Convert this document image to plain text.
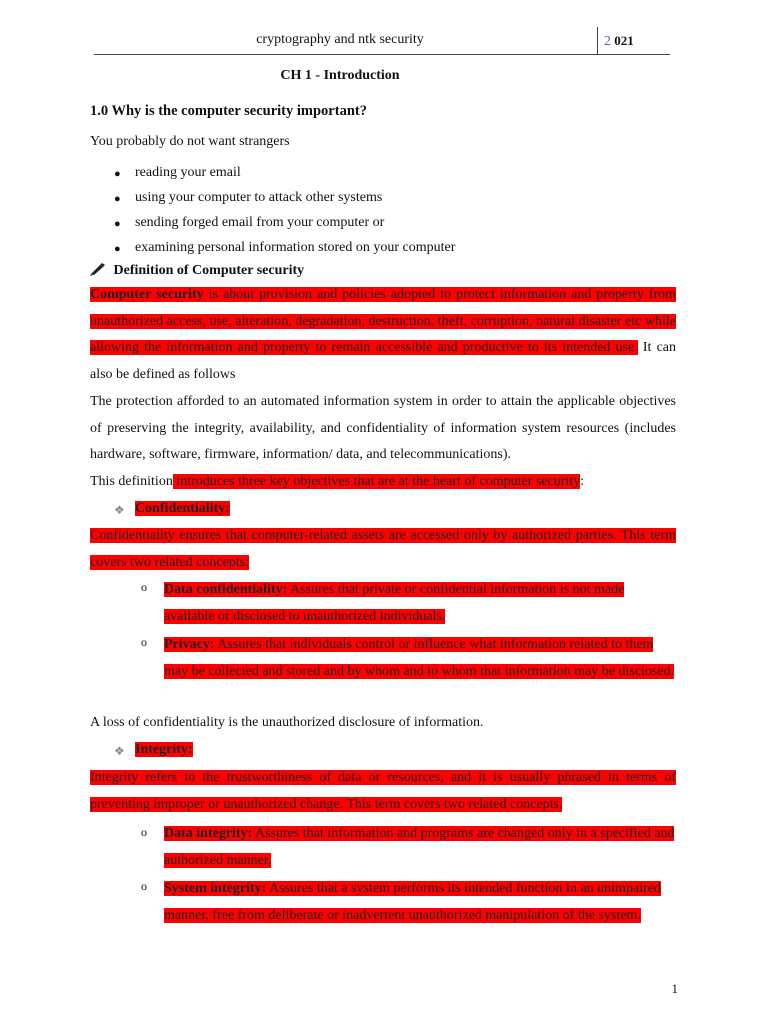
cryptography and ntk security	2 021
CH 1 - Introduction
1.0 Why is the computer security important?
You probably do not want strangers
● reading your email
● using your computer to attack other systems
● sending forged email from your computer or
● examining personal information stored on your computer
Definition of Computer security
Computer security is about provision and policies adopted to protect information and property from unauthorized access, use, alteration, degradation, destruction, theft, corruption, natural disaster etc while allowing the information and property to remain accessible and productive to its intended use. It can also be defined as follows
The protection afforded to an automated information system in order to attain the applicable objectives of preserving the integrity, availability, and confidentiality of information system resources (includes hardware, software, firmware, information/ data, and telecommunications).
This definition introduces three key objectives that are at the heart of computer security:
❖ Confidentiality:
Confidentiality ensures that computer-related assets are accessed only by authorized parties. This term covers two related concepts:
o Data confidentiality: Assures that private or confidential information is not made available or disclosed to unauthorized individuals.
o Privacy: Assures that individuals control or influence what information related to them may be collected and stored and by whom and to whom that information may be disclosed.
A loss of confidentiality is the unauthorized disclosure of information.
❖ Integrity:
Integrity refers to the trustworthiness of data or resources, and it is usually phrased in terms of preventing improper or unauthorized change. This term covers two related concepts.
o Data integrity: Assures that information and programs are changed only in a specified and authorized manner.
o System integrity: Assures that a system performs its intended function in an unimpaired manner, free from deliberate or inadvertent unauthorized manipulation of the system.
1
